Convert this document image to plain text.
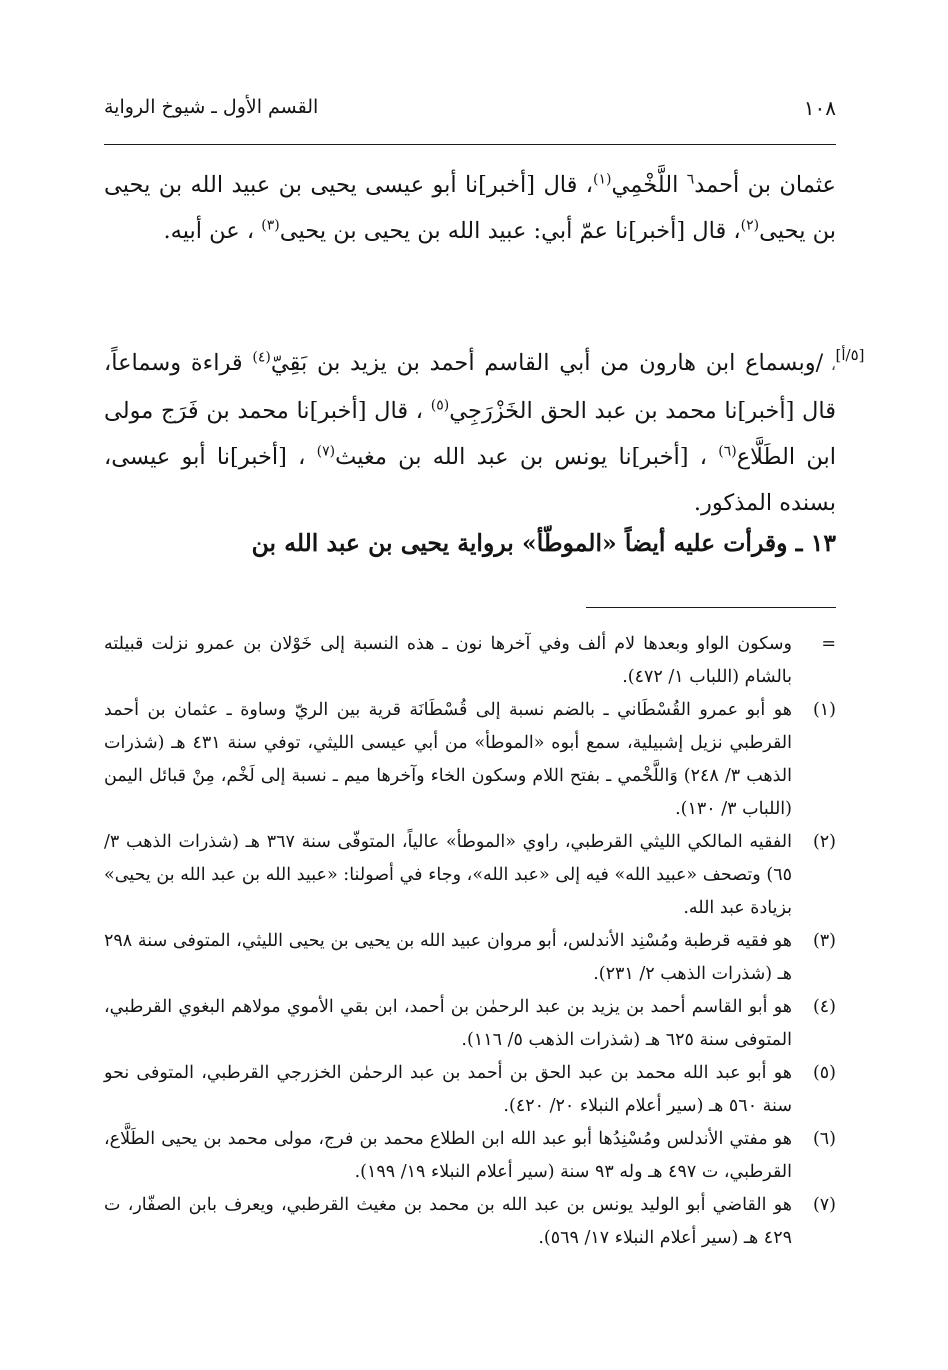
١٠٨
القسم الأول ـ شيوخ الرواية
عثمان بن أحمد$^٦$ اللَّخْمِي$^{(١)}$، قال [أخبر]نا أبو عيسى يحيى بن عبيد الله بن يحيى بن يحيى$^{(٢)}$، قال [أخبر]نا عمّ أبي: عبيد الله بن يحيى بن يحيى$^{(٣)}$ ، عن أبيه.
[٥/أ]
، /وبسماع ابن هارون من أبي القاسم أحمد بن يزيد بن بَقِيّ$^{(٤)}$ قراءة وسماعاً، قال [أخبر]نا محمد بن عبد الحق الخَزْرَجِي$^{(٥)}$ ، قال [أخبر]نا محمد بن فَرَج مولى ابن الطَلَّاع$^{(٦)}$ ، [أخبر]نا يونس بن عبد الله بن مغيث$^{(٧)}$ ، [أخبر]نا أبو عيسى، بسنده المذكور.
١٣ ـ وقرأت عليه أيضاً «الموطّأ» برواية يحيى بن عبد الله بن
=
وسكون الواو وبعدها لام ألف وفي آخرها نون ـ هذه النسبة إلى خَوْلان بن عمرو نزلت قبيلته بالشام (اللباب ١/ ٤٧٢).
(١)
هو أبو عمرو القُسْطَاني ـ بالضم نسبة إلى قُسْطَانَة قرية بين الريّ وساوة ـ عثمان بن أحمد القرطبي نزيل إشبيلية، سمع أبوه «الموطأ» من أبي عيسى الليثي، توفي سنة ٤٣١ هـ (شذرات الذهب ٣/ ٢٤٨) وَاللَّخْمي ـ بفتح اللام وسكون الخاء وآخرها ميم ـ نسبة إلى لَخْم، مِنْ قبائل اليمن (اللباب ٣/ ١٣٠).
(٢)
الفقيه المالكي الليثي القرطبي، راوي «الموطأ» عالياً، المتوفّى سنة ٣٦٧ هـ (شذرات الذهب ٣/ ٦٥) وتصحف «عبيد الله» فيه إلى «عبد الله»، وجاء في أصولنا: «عبيد الله بن عبد الله بن يحيى» بزيادة عبد الله.
(٣)
هو فقيه قرطبة ومُسْنِد الأندلس، أبو مروان عبيد الله بن يحيى بن يحيى الليثي، المتوفى سنة ٢٩٨ هـ (شذرات الذهب ٢/ ٢٣١).
(٤)
هو أبو القاسم أحمد بن يزيد بن عبد الرحمٰن بن أحمد، ابن بقي الأموي مولاهم البغوي القرطبي، المتوفى سنة ٦٢٥ هـ (شذرات الذهب ٥/ ١١٦).
(٥)
هو أبو عبد الله محمد بن عبد الحق بن أحمد بن عبد الرحمٰن الخزرجي القرطبي، المتوفى نحو سنة ٥٦٠ هـ (سير أعلام النبلاء ٢٠/ ٤٢٠).
(٦)
هو مفتي الأندلس ومُسْنِدُها أبو عبد الله ابن الطلاع محمد بن فرج، مولى محمد بن يحيى الطَلَّاع، القرطبي، ت ٤٩٧ هـ وله ٩٣ سنة (سير أعلام النبلاء ١٩/ ١٩٩).
(٧)
هو القاضي أبو الوليد يونس بن عبد الله بن محمد بن مغيث القرطبي، ويعرف بابن الصفّار، ت ٤٢٩ هـ (سير أعلام النبلاء ١٧/ ٥٦٩).
